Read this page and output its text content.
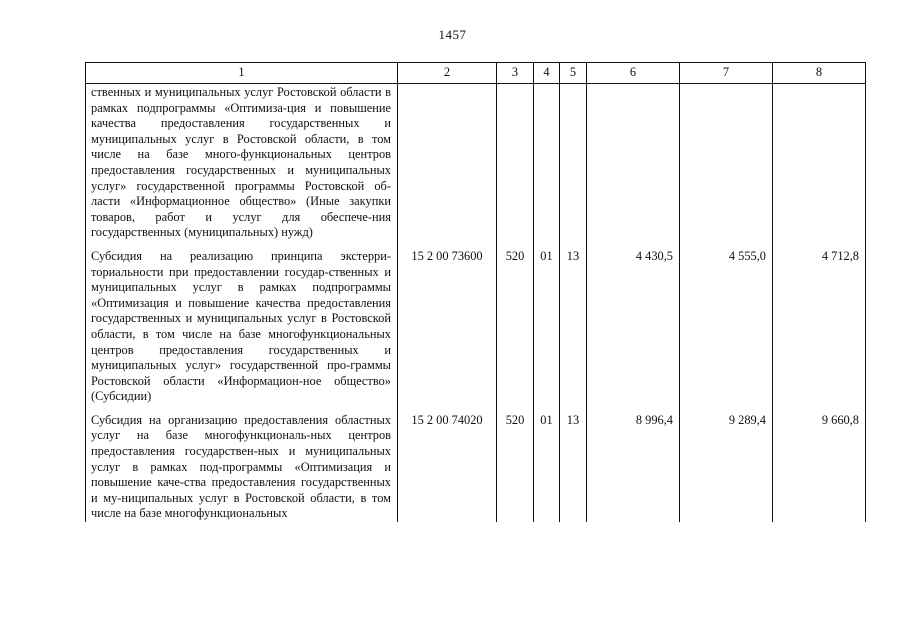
1457
1	2	3	4	5	6	7	8
ственных и муниципальных услуг Ростовской области в рамках подпрограммы «Оптимиза-ция и повышение качества предоставления государственных и муниципальных услуг в Ростовской области, в том числе на базе много-функциональных центров предоставления государственных и муниципальных услуг» государственной программы Ростовской об-ласти «Информационное общество» (Иные закупки товаров, работ и услуг для обеспече-ния государственных (муниципальных) нужд)							
Субсидия на реализацию принципа экстерри-ториальности при предоставлении государ-ственных и муниципальных услуг в рамках подпрограммы «Оптимизация и повышение качества предоставления государственных и муниципальных услуг в Ростовской области, в том числе на базе многофункциональных центров предоставления государственных и муниципальных услуг» государственной про-граммы Ростовской области «Информацион-ное общество» (Субсидии)	15 2 00 73600	520	01	13	4 430,5	4 555,0	4 712,8
Субсидия на организацию предоставления областных услуг на базе многофункциональ-ных центров предоставления государствен-ных и муниципальных услуг в рамках под-программы «Оптимизация и повышение каче-ства предоставления государственных и му-ниципальных услуг в Ростовской области, в том числе на базе многофункциональных	15 2 00 74020	520	01	13	8 996,4	9 289,4	9 660,8
